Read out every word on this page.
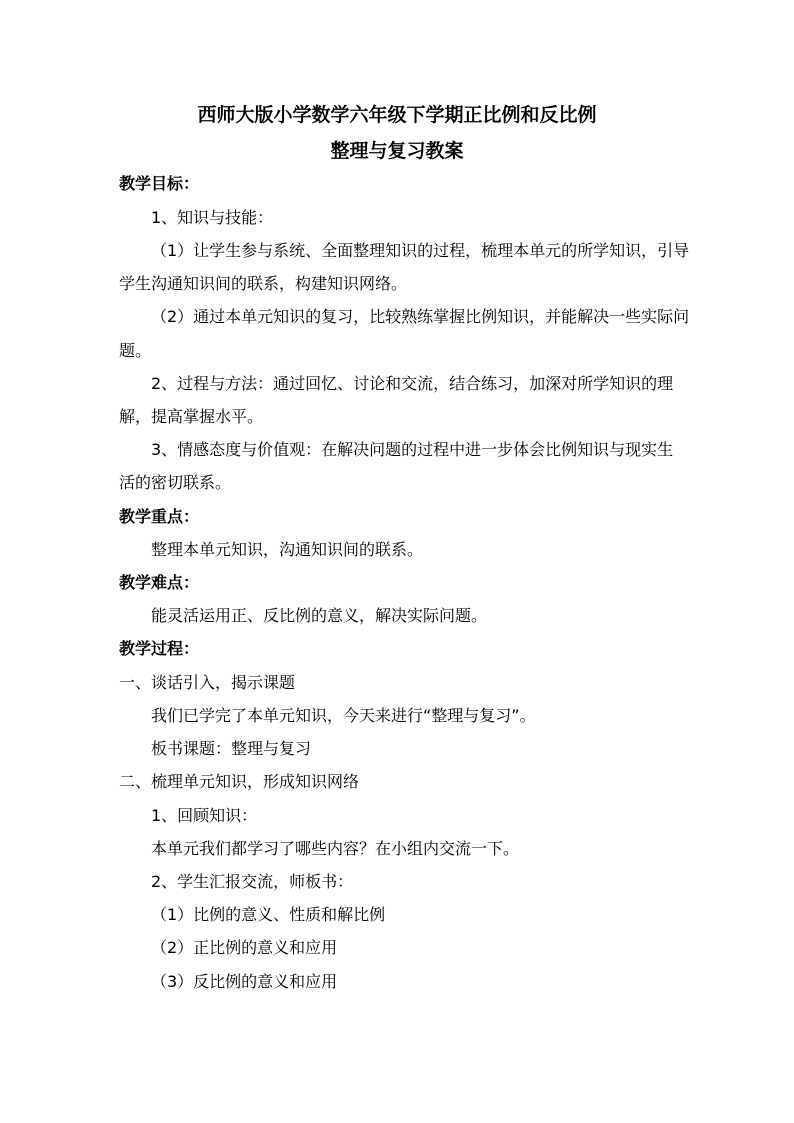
西师大版小学数学六年级下学期正比例和反比例
整理与复习教案
教学目标：
1、知识与技能：
（1）让学生参与系统、全面整理知识的过程，梳理本单元的所学知识，引导
学生沟通知识间的联系，构建知识网络。
（2）通过本单元知识的复习，比较熟练掌握比例知识，并能解决一些实际问
题。
2、过程与方法：通过回忆、讨论和交流，结合练习，加深对所学知识的理
解，提高掌握水平。
3、情感态度与价值观：在解决问题的过程中进一步体会比例知识与现实生
活的密切联系。
教学重点：
整理本单元知识，沟通知识间的联系。
教学难点：
能灵活运用正、反比例的意义，解决实际问题。
教学过程：
一、谈话引入，揭示课题
我们已学完了本单元知识，今天来进行“整理与复习”。
板书课题：整理与复习
二、梳理单元知识，形成知识网络
1、回顾知识：
本单元我们都学习了哪些内容？在小组内交流一下。
2、学生汇报交流，师板书：
（1）比例的意义、性质和解比例
（2）正比例的意义和应用
（3）反比例的意义和应用
